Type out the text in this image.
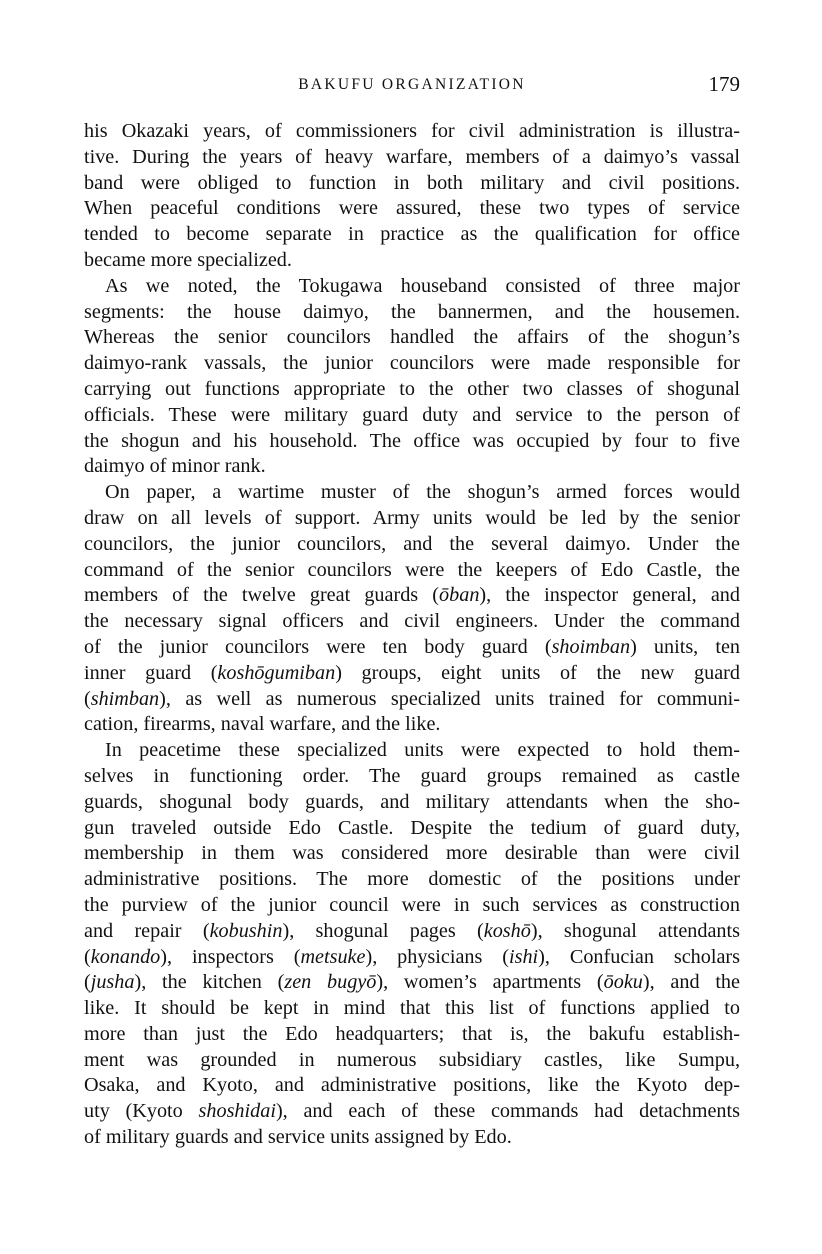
BAKUFU ORGANIZATION	179
his Okazaki years, of commissioners for civil administration is illustra-
tive. During the years of heavy warfare, members of a daimyo’s vassal
band were obliged to function in both military and civil positions.
When peaceful conditions were assured, these two types of service
tended to become separate in practice as the qualification for office
became more specialized.
As we noted, the Tokugawa houseband consisted of three major
segments: the house daimyo, the bannermen, and the housemen.
Whereas the senior councilors handled the affairs of the shogun’s
daimyo-rank vassals, the junior councilors were made responsible for
carrying out functions appropriate to the other two classes of shogunal
officials. These were military guard duty and service to the person of
the shogun and his household. The office was occupied by four to five
daimyo of minor rank.
On paper, a wartime muster of the shogun’s armed forces would
draw on all levels of support. Army units would be led by the senior
councilors, the junior councilors, and the several daimyo. Under the
command of the senior councilors were the keepers of Edo Castle, the
members of the twelve great guards (ōban), the inspector general, and
the necessary signal officers and civil engineers. Under the command
of the junior councilors were ten body guard (shoimban) units, ten
inner guard (koshōgumiban) groups, eight units of the new guard
(shimban), as well as numerous specialized units trained for communi-
cation, firearms, naval warfare, and the like.
In peacetime these specialized units were expected to hold them-
selves in functioning order. The guard groups remained as castle
guards, shogunal body guards, and military attendants when the sho-
gun traveled outside Edo Castle. Despite the tedium of guard duty,
membership in them was considered more desirable than were civil
administrative positions. The more domestic of the positions under
the purview of the junior council were in such services as construction
and repair (kobushin), shogunal pages (koshō), shogunal attendants
(konando), inspectors (metsuke), physicians (ishi), Confucian scholars
(jusha), the kitchen (zen bugyō), women’s apartments (ōoku), and the
like. It should be kept in mind that this list of functions applied to
more than just the Edo headquarters; that is, the bakufu establish-
ment was grounded in numerous subsidiary castles, like Sumpu,
Osaka, and Kyoto, and administrative positions, like the Kyoto dep-
uty (Kyoto shoshidai), and each of these commands had detachments
of military guards and service units assigned by Edo.
